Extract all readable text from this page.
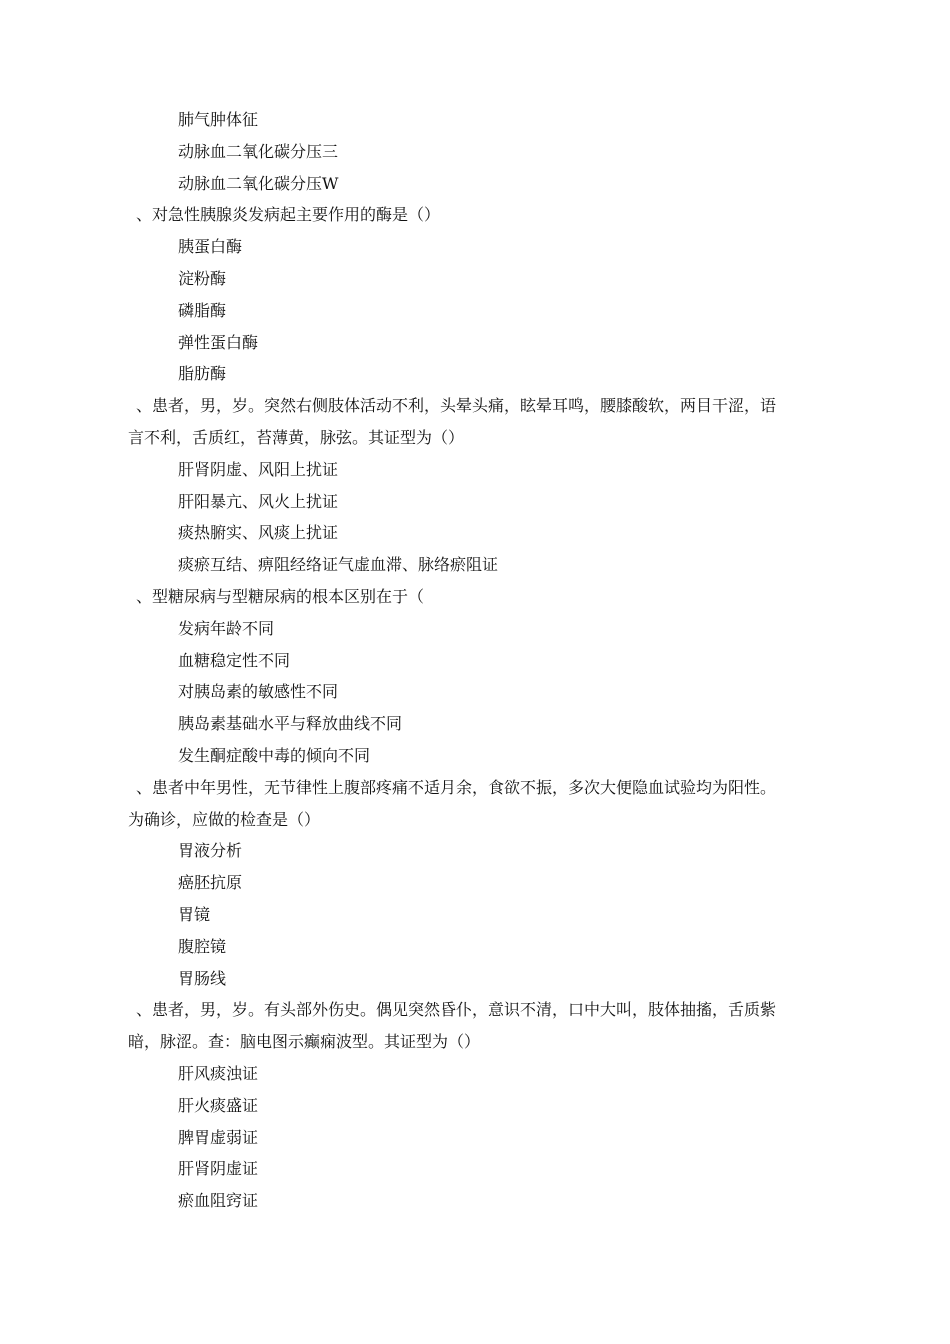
肺气肿体征
动脉血二氧化碳分压三
动脉血二氧化碳分压W
、对急性胰腺炎发病起主要作用的酶是（）
胰蛋白酶
淀粉酶
磷脂酶
弹性蛋白酶
脂肪酶
、患者，男，岁。突然右侧肢体活动不利，头晕头痛，眩晕耳鸣，腰膝酸软，两目干涩，语
言不利，舌质红，苔薄黄，脉弦。其证型为（）
肝肾阴虚、风阳上扰证
肝阳暴亢、风火上扰证
痰热腑实、风痰上扰证
痰瘀互结、痹阻经络证气虚血滞、脉络瘀阻证
、型糖尿病与型糖尿病的根本区别在于（
发病年龄不同
血糖稳定性不同
对胰岛素的敏感性不同
胰岛素基础水平与释放曲线不同
发生酮症酸中毒的倾向不同
、患者中年男性，无节律性上腹部疼痛不适月余，食欲不振，多次大便隐血试验均为阳性。
为确诊，应做的检查是（）
胃液分析
癌胚抗原
胃镜
腹腔镜
胃肠线
、患者，男，岁。有头部外伤史。偶见突然昏仆，意识不清，口中大叫，肢体抽搐，舌质紫
暗，脉涩。查：脑电图示癫痫波型。其证型为（）
肝风痰浊证
肝火痰盛证
脾胃虚弱证
肝肾阴虚证
瘀血阻窍证
